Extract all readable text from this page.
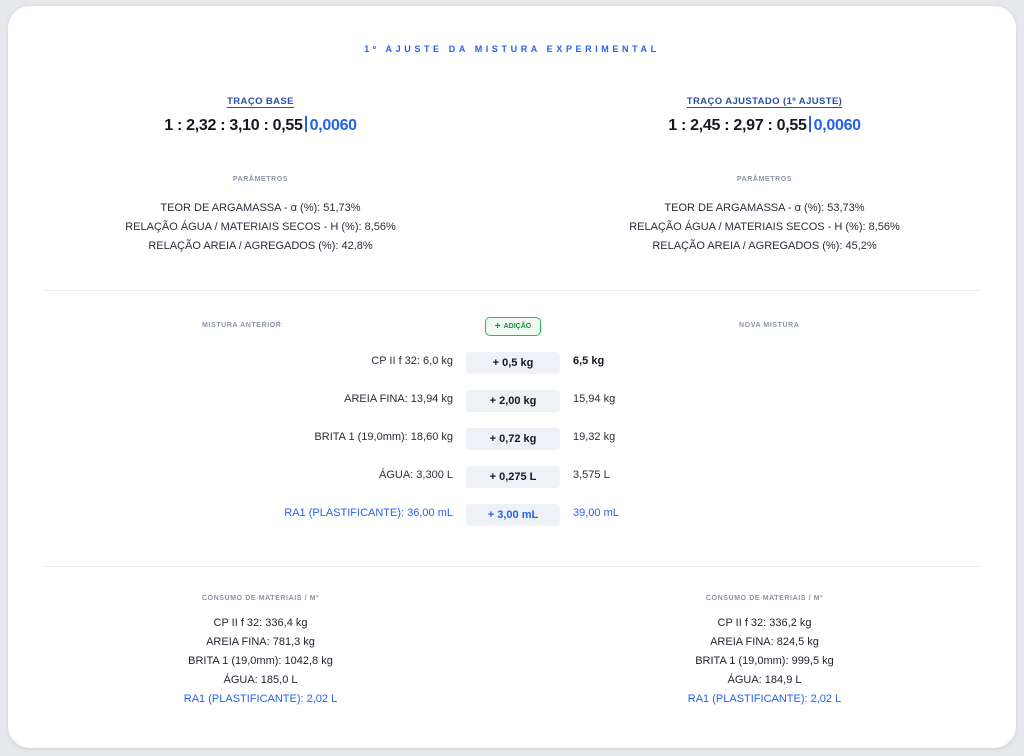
1º AJUSTE DA MISTURA EXPERIMENTAL
TRAÇO BASE
1 : 2,32 : 3,10 : 0,55 0,0060
TRAÇO AJUSTADO (1º AJUSTE)
1 : 2,45 : 2,97 : 0,55 0,0060
PARÂMETROS
TEOR DE ARGAMASSA - α (%): 51,73%
RELAÇÃO ÁGUA / MATERIAIS SECOS - H (%): 8,56%
RELAÇÃO AREIA / AGREGADOS (%): 42,8%
PARÂMETROS
TEOR DE ARGAMASSA - α (%): 53,73%
RELAÇÃO ÁGUA / MATERIAIS SECOS - H (%): 8,56%
RELAÇÃO AREIA / AGREGADOS (%): 45,2%
MISTURA ANTERIOR	+ ADIÇÃO	NOVA MISTURA
CP II f 32: 6,0 kg	+ 0,5 kg	6,5 kg
AREIA FINA: 13,94 kg	+ 2,00 kg	15,94 kg
BRITA 1 (19,0mm): 18,60 kg	+ 0,72 kg	19,32 kg
ÁGUA: 3,300 L	+ 0,275 L	3,575 L
RA1 (PLASTIFICANTE): 36,00 mL	+ 3,00 mL	39,00 mL
CONSUMO DE MATERIAIS / M³
CP II f 32: 336,4 kg
AREIA FINA: 781,3 kg
BRITA 1 (19,0mm): 1042,8 kg
ÁGUA: 185,0 L
RA1 (PLASTIFICANTE): 2,02 L
CONSUMO DE MATERIAIS / M³
CP II f 32: 336,2 kg
AREIA FINA: 824,5 kg
BRITA 1 (19,0mm): 999,5 kg
ÁGUA: 184,9 L
RA1 (PLASTIFICANTE): 2,02 L
